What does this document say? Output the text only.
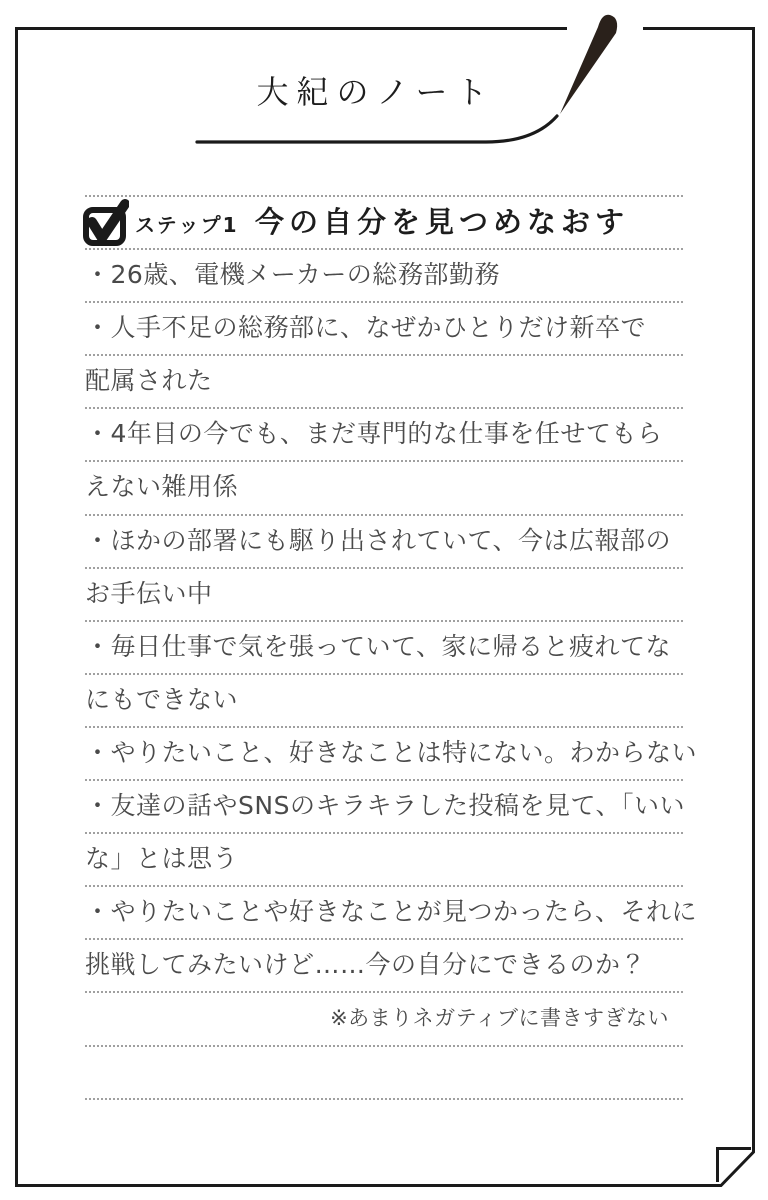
大紀のノート
ステップ1 今の自分を見つめなおす
・26歳、電機メーカーの総務部勤務
・人手不足の総務部に、なぜかひとりだけ新卒で
配属された
・4年目の今でも、まだ専門的な仕事を任せてもら
えない雑用係
・ほかの部署にも駆り出されていて、今は広報部の
お手伝い中
・毎日仕事で気を張っていて、家に帰ると疲れてな
にもできない
・やりたいこと、好きなことは特にない。わからない
・友達の話やSNSのキラキラした投稿を見て、「いい
な」とは思う
・やりたいことや好きなことが見つかったら、それに
挑戦してみたいけど……今の自分にできるのか？
※あまりネガティブに書きすぎない
